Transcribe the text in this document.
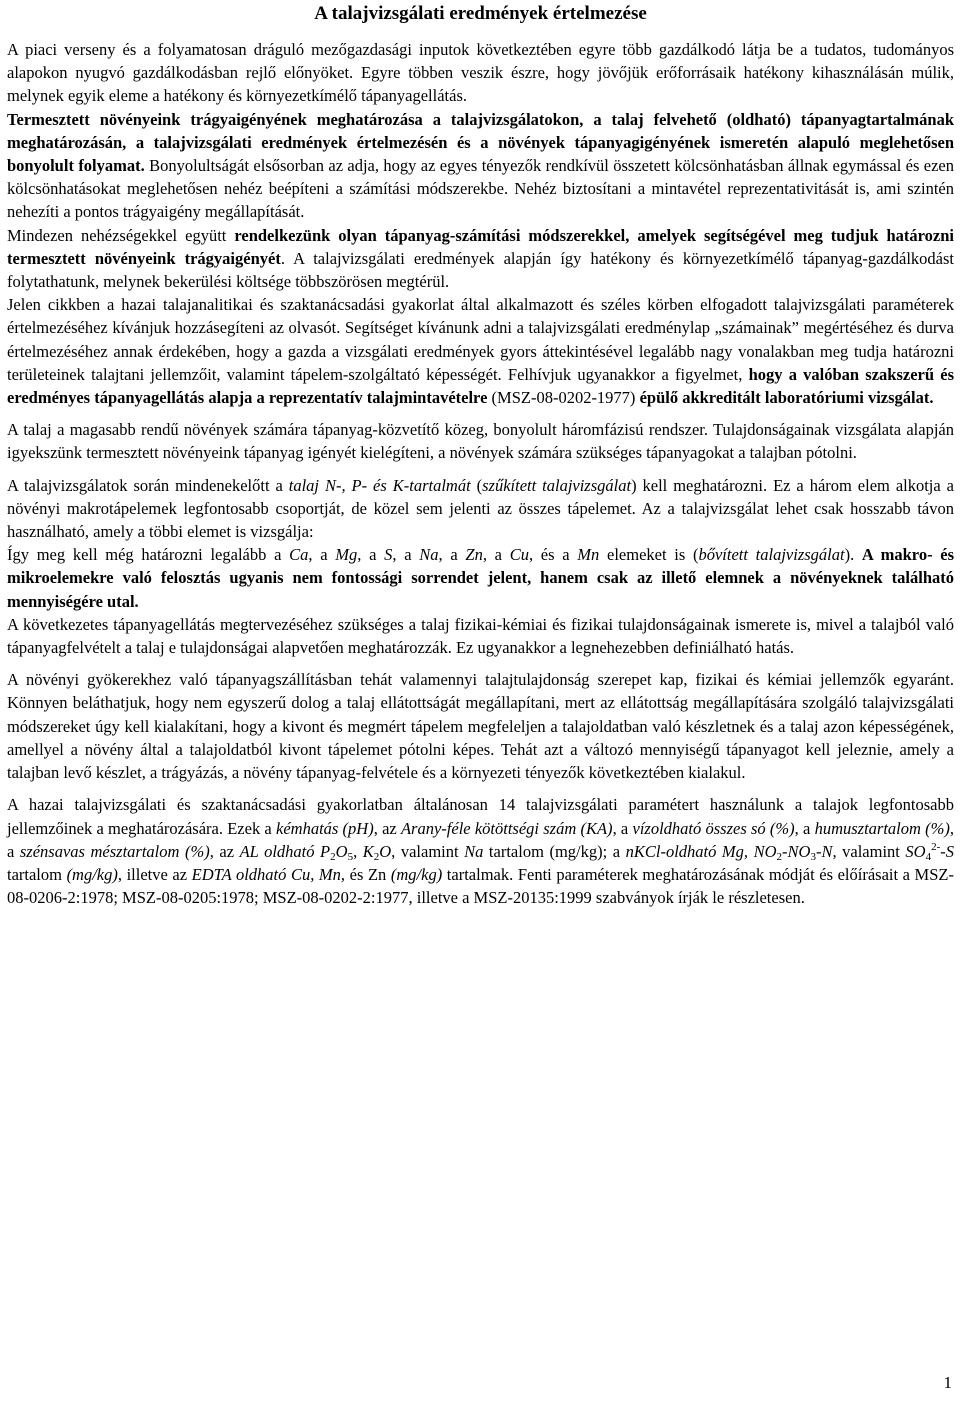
A talajvizsgálati eredmények értelmezése

A piaci verseny és a folyamatosan dráguló mezőgazdasági inputok következtében egyre több gazdálkodó látja be a tudatos, tudományos alapokon nyugvó gazdálkodásban rejlő előnyöket. Egyre többen veszik észre, hogy jövőjük erőforrásaik hatékony kihasználásán múlik, melynek egyik eleme a hatékony és környezetkímélő tápanyagellátás.

Termesztett növényeink trágyaigényének meghatározása a talajvizsgálatokon, a talaj felvehető (oldható) tápanyagtartalmának meghatározásán, a talajvizsgálati eredmények értelmezésén és a növények tápanyagigényének ismeretén alapuló meglehetősen bonyolult folyamat. Bonyolultságát elsősorban az adja, hogy az egyes tényezők rendkívül összetett kölcsönhatásban állnak egymással és ezen kölcsönhatásokat meglehetősen nehéz beépíteni a számítási módszerekbe. Nehéz biztosítani a mintavétel reprezentativitását is, ami szintén nehezíti a pontos trágyaigény megállapítását.

Mindezen nehézségekkel együtt rendelkezünk olyan tápanyag-számítási módszerekkel, amelyek segítségével meg tudjuk határozni termesztett növényeink trágyaigényét. A talajvizsgálati eredmények alapján így hatékony és környezetkímélő tápanyag-gazdálkodást folytathatunk, melynek bekerülési költsége többszörösen megtérül.

Jelen cikkben a hazai talajanalitikai és szaktanácsadási gyakorlat által alkalmazott és széles körben elfogadott talajvizsgálati paraméterek értelmezéséhez kívánjuk hozzásegíteni az olvasót. Segítséget kívánunk adni a talajvizsgálati eredménylap „számainak” megértéséhez és durva értelmezéséhez annak érdekében, hogy a gazda a vizsgálati eredmények gyors áttekintésével legalább nagy vonalakban meg tudja határozni területeinek talajtani jellemzőit, valamint tápelem-szolgáltató képességét. Felhívjuk ugyanakkor a figyelmet, hogy a valóban szakszerű és eredményes tápanyagellátás alapja a reprezentatív talajmintavételre (MSZ-08-0202-1977) épülő akkreditált laboratóriumi vizsgálat.

A talaj a magasabb rendű növények számára tápanyag-közvetítő közeg, bonyolult háromfázisú rendszer. Tulajdonságainak vizsgálata alapján igyekszünk termesztett növényeink tápanyag igényét kielégíteni, a növények számára szükséges tápanyagokat a talajban pótolni.

A talajvizsgálatok során mindenekelőtt a talaj N-, P- és K-tartalmát (szűkített talajvizsgálat) kell meghatározni. Ez a három elem alkotja a növényi makrotápelemek legfontosabb csoportját, de közel sem jelenti az összes tápelemet. Az a talajvizsgálat lehet csak hosszabb távon használható, amely a többi elemet is vizsgálja:

Így meg kell még határozni legalább a Ca, a Mg, a S, a Na, a Zn, a Cu, és a Mn elemeket is (bővített talajvizsgálat). A makro- és mikroelemekre való felosztás ugyanis nem fontossági sorrendet jelent, hanem csak az illető elemnek a növényeknek található mennyiségére utal.

A következetes tápanyagellátás megtervezéséhez szükséges a talaj fizikai-kémiai és fizikai tulajdonságainak ismerete is, mivel a talajból való tápanyagfelvételt a talaj e tulajdonságai alapvetően meghatározzák. Ez ugyanakkor a legnehezebben definiálható hatás.

A növényi gyökerekhez való tápanyagszállításban tehát valamennyi talajtulajdonság szerepet kap, fizikai és kémiai jellemzők egyaránt. Könnyen beláthatjuk, hogy nem egyszerű dolog a talaj ellátottságát megállapítani, mert az ellátottság megállapítására szolgáló talajvizsgálati módszereket úgy kell kialakítani, hogy a kivont és megmért tápelem megfeleljen a talajoldatban való készletnek és a talaj azon képességének, amellyel a növény által a talajoldatból kivont tápelemet pótolni képes. Tehát azt a változó mennyiségű tápanyagot kell jeleznie, amely a talajban levő készlet, a trágyázás, a növény tápanyag-felvétele és a környezeti tényezők következtében kialakul.

A hazai talajvizsgálati és szaktanácsadási gyakorlatban általánosan 14 talajvizsgálati paramétert használunk a talajok legfontosabb jellemzőinek a meghatározására. Ezek a kémhatás (pH), az Arany-féle kötöttségi szám (KA), a vízoldható összes só (%), a humusztartalom (%), a szénsavas mésztartalom (%), az AL oldható $P_2O_5$, $K_2O$, valamint Na tartalom (mg/kg); a nKCl-oldható Mg, $NO_2-NO_3-N$, valamint $SO_4^{2-}-S$ tartalom (mg/kg), illetve az EDTA oldható Cu, Mn, és Zn (mg/kg) tartalmak. Fenti paraméterek meghatározásának módját és előírásait a MSZ-08-0206-2:1978; MSZ-08-0205:1978; MSZ-08-0202-2:1977, illetve a MSZ-20135:1999 szabványok írják le részletesen.

1
